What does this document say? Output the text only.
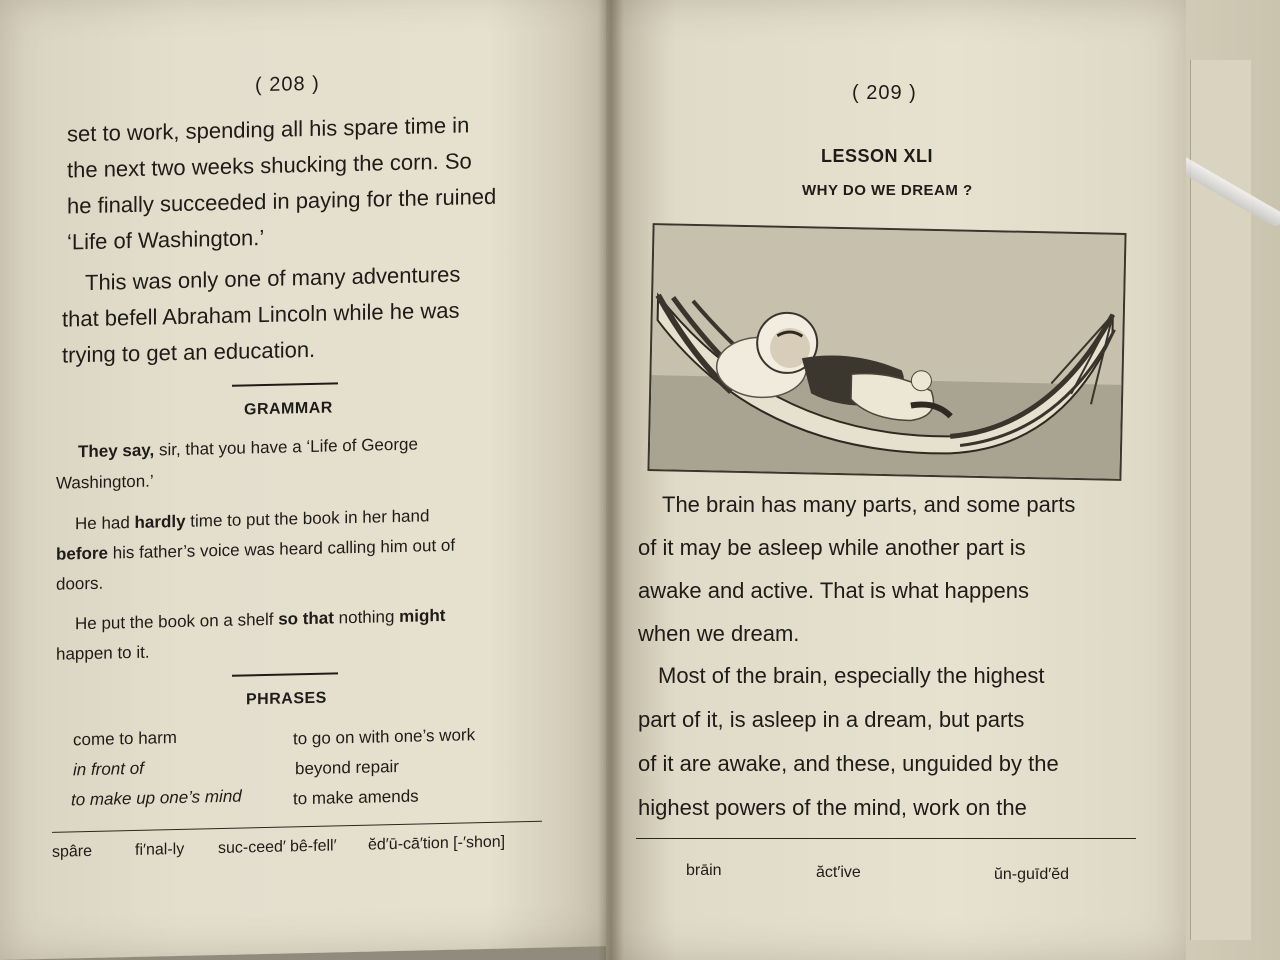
( 208 )
set to work, spending all his spare time in
the next two weeks shucking the corn. So
he finally succeeded in paying for the ruined
‘Life of Washington.’
This was only one of many adventures
that befell Abraham Lincoln while he was
trying to get an education.
GRAMMAR
They say, sir, that you have a ‘Life of George
Washington.’
He had hardly time to put the book in her hand
before his father’s voice was heard calling him out of
doors.
He put the book on a shelf so that nothing might
happen to it.
PHRASES
come to harm	to go on with one’s work
in front of	beyond repair
to make up one’s mind	to make amends
spâre	fi′nal-ly suc-ceed′ bê-fell′ ĕd′ū-cā′tion [-′shon]
( 209 )
LESSON XLI
WHY DO WE DREAM ?
The brain has many parts, and some parts
of it may be asleep while another part is
awake and active. That is what happens
when we dream.
Most of the brain, especially the highest
part of it, is asleep in a dream, but parts
of it are awake, and these, unguided by the
highest powers of the mind, work on the
brāin	ăct′ive	ŭn-guīd′ĕd
